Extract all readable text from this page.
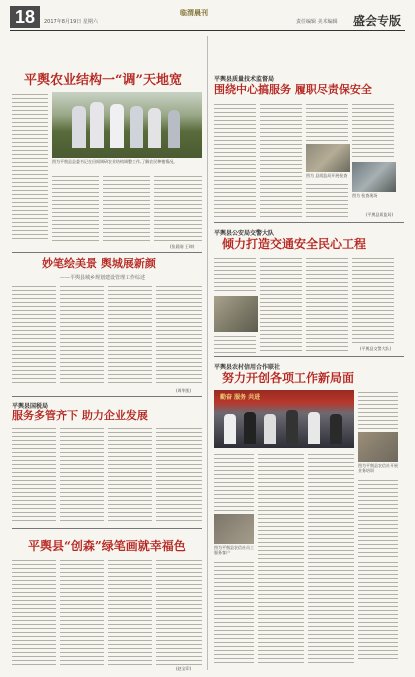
18	2017年8月19日 星期六
临渭晨刊
责任编辑 美术编辑 盛会专版
平舆农业结构一“调”天地宽
图为平舆县县委书记在田间调研农业结构调整工作,了解农民种植情况。
(张晨刚 王坤)
妙笔绘美景 舆城展新颜
——平舆县城乡规划建设管理工作综述
(周华凯)
平舆县国税局
服务多管齐下 助力企业发展
平舆县“创森”绿笔画就幸福色
(赵宝印)
平舆县质量技术监督局
围绕中心搞服务 履职尽责保安全
图为 县质监局开展检查
图为 检查现场
(平舆县质监局)
平舆县公安局交警大队
倾力打造交通安全民心工程
(平舆县交警大队)
平舆县农村信用合作联社
努力开创各项工作新局面
勤奋 服务 共进
图为平舆县农信社开展业务培训
图为平舆县农信社员工服务客户
